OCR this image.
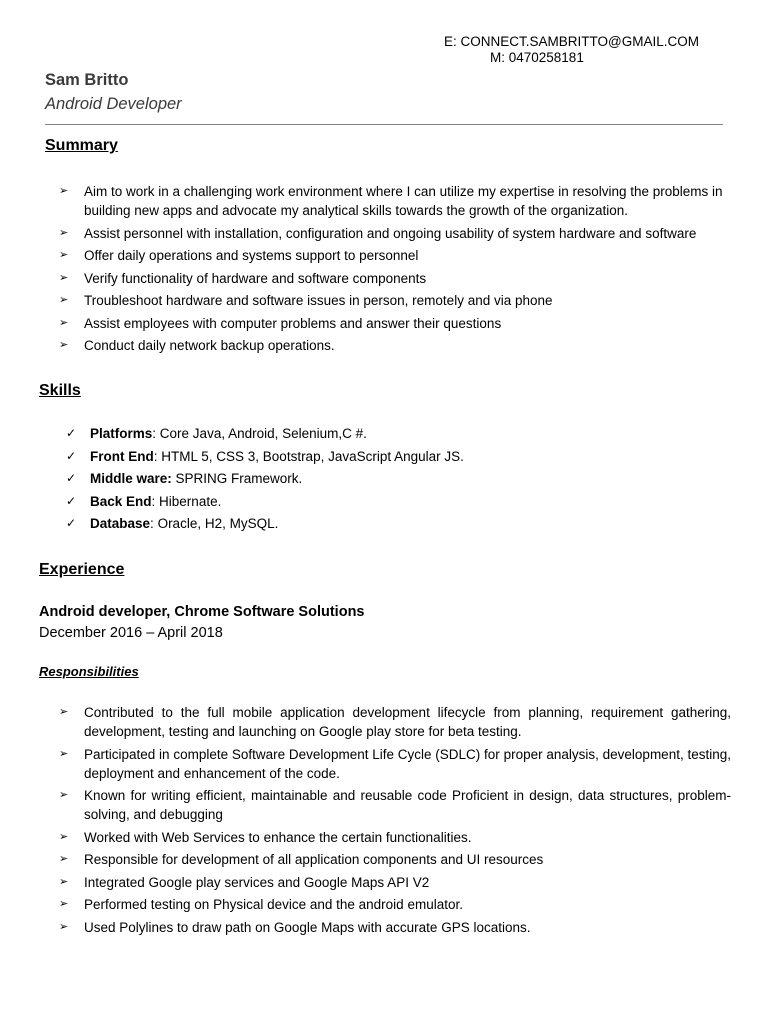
E: CONNECT.SAMBRITTO@GMAIL.COM
M: 0470258181
Sam Britto
Android Developer
Summary
➢ Aim to work in a challenging work environment where I can utilize my expertise in resolving the problems in building new apps and advocate my analytical skills towards the growth of the organization.
➢ Assist personnel with installation, configuration and ongoing usability of system hardware and software
➢ Offer daily operations and systems support to personnel
➢ Verify functionality of hardware and software components
➢ Troubleshoot hardware and software issues in person, remotely and via phone
➢ Assist employees with computer problems and answer their questions
➢ Conduct daily network backup operations.
Skills
✓ Platforms: Core Java, Android, Selenium,C #.
✓ Front End: HTML 5, CSS 3, Bootstrap, JavaScript Angular JS.
✓ Middle ware: SPRING Framework.
✓ Back End: Hibernate.
✓ Database: Oracle, H2, MySQL.
Experience
Android developer, Chrome Software Solutions
December 2016 – April 2018
Responsibilities
➢ Contributed to the full mobile application development lifecycle from planning, requirement gathering, development, testing and launching on Google play store for beta testing.
➢ Participated in complete Software Development Life Cycle (SDLC) for proper analysis, development, testing, deployment and enhancement of the code.
➢ Known for writing efficient, maintainable and reusable code Proficient in design, data structures, problem-solving, and debugging
➢ Worked with Web Services to enhance the certain functionalities.
➢ Responsible for development of all application components and UI resources
➢ Integrated Google play services and Google Maps API V2
➢ Performed testing on Physical device and the android emulator.
➢ Used Polylines to draw path on Google Maps with accurate GPS locations.
